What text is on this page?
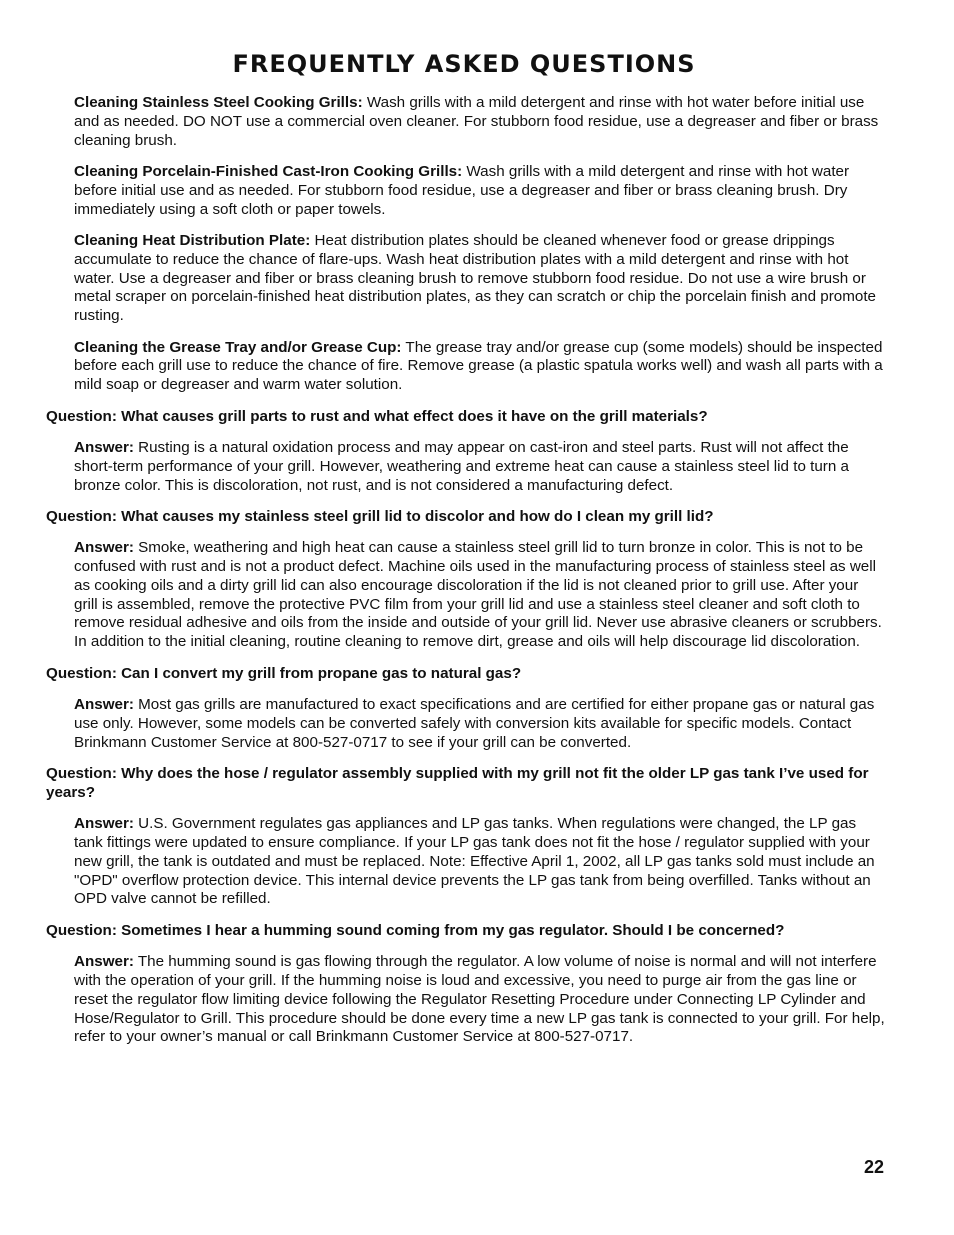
FREQUENTLY ASKED QUESTIONS

Cleaning Stainless Steel Cooking Grills: Wash grills with a mild detergent and rinse with hot water before initial use and as needed. DO NOT use a commercial oven cleaner. For stubborn food residue, use a degreaser and fiber or brass cleaning brush.

Cleaning Porcelain-Finished Cast-Iron Cooking Grills: Wash grills with a mild detergent and rinse with hot water before initial use and as needed. For stubborn food residue, use a degreaser and fiber or brass cleaning brush. Dry immediately using a soft cloth or paper towels.

Cleaning Heat Distribution Plate: Heat distribution plates should be cleaned whenever food or grease drippings accumulate to reduce the chance of flare-ups. Wash heat distribution plates with a mild detergent and rinse with hot water. Use a degreaser and fiber or brass cleaning brush to remove stubborn food residue. Do not use a wire brush or metal scraper on porcelain-finished heat distribution plates, as they can scratch or chip the porcelain finish and promote rusting.

Cleaning the Grease Tray and/or Grease Cup: The grease tray and/or grease cup (some models) should be inspected before each grill use to reduce the chance of fire. Remove grease (a plastic spatula works well) and wash all parts with a mild soap or degreaser and warm water solution.

Question: What causes grill parts to rust and what effect does it have on the grill materials?

Answer: Rusting is a natural oxidation process and may appear on cast-iron and steel parts. Rust will not affect the short-term performance of your grill. However, weathering and extreme heat can cause a stainless steel lid to turn a bronze color. This is discoloration, not rust, and is not considered a manufacturing defect.

Question: What causes my stainless steel grill lid to discolor and how do I clean my grill lid?

Answer: Smoke, weathering and high heat can cause a stainless steel grill lid to turn bronze in color. This is not to be confused with rust and is not a product defect. Machine oils used in the manufacturing process of stainless steel as well as cooking oils and a dirty grill lid can also encourage discoloration if the lid is not cleaned prior to grill use. After your grill is assembled, remove the protective PVC film from your grill lid and use a stainless steel cleaner and soft cloth to remove residual adhesive and oils from the inside and outside of your grill lid. Never use abrasive cleaners or scrubbers. In addition to the initial cleaning, routine cleaning to remove dirt, grease and oils will help discourage lid discoloration.

Question: Can I convert my grill from propane gas to natural gas?

Answer: Most gas grills are manufactured to exact specifications and are certified for either propane gas or natural gas use only. However, some models can be converted safely with conversion kits available for specific models. Contact Brinkmann Customer Service at 800-527-0717 to see if your grill can be converted.

Question: Why does the hose / regulator assembly supplied with my grill not fit the older LP gas tank I’ve used for years?

Answer: U.S. Government regulates gas appliances and LP gas tanks. When regulations were changed, the LP gas tank fittings were updated to ensure compliance. If your LP gas tank does not fit the hose / regulator supplied with your new grill, the tank is outdated and must be replaced. Note: Effective April 1, 2002, all LP gas tanks sold must include an "OPD" overflow protection device. This internal device prevents the LP gas tank from being overfilled. Tanks without an OPD valve cannot be refilled.

Question: Sometimes I hear a humming sound coming from my gas regulator. Should I be concerned?

Answer: The humming sound is gas flowing through the regulator. A low volume of noise is normal and will not interfere with the operation of your grill. If the humming noise is loud and excessive, you need to purge air from the gas line or reset the regulator flow limiting device following the Regulator Resetting Procedure under Connecting LP Cylinder and Hose/Regulator to Grill. This procedure should be done every time a new LP gas tank is connected to your grill. For help, refer to your owner’s manual or call Brinkmann Customer Service at 800-527-0717.

22
